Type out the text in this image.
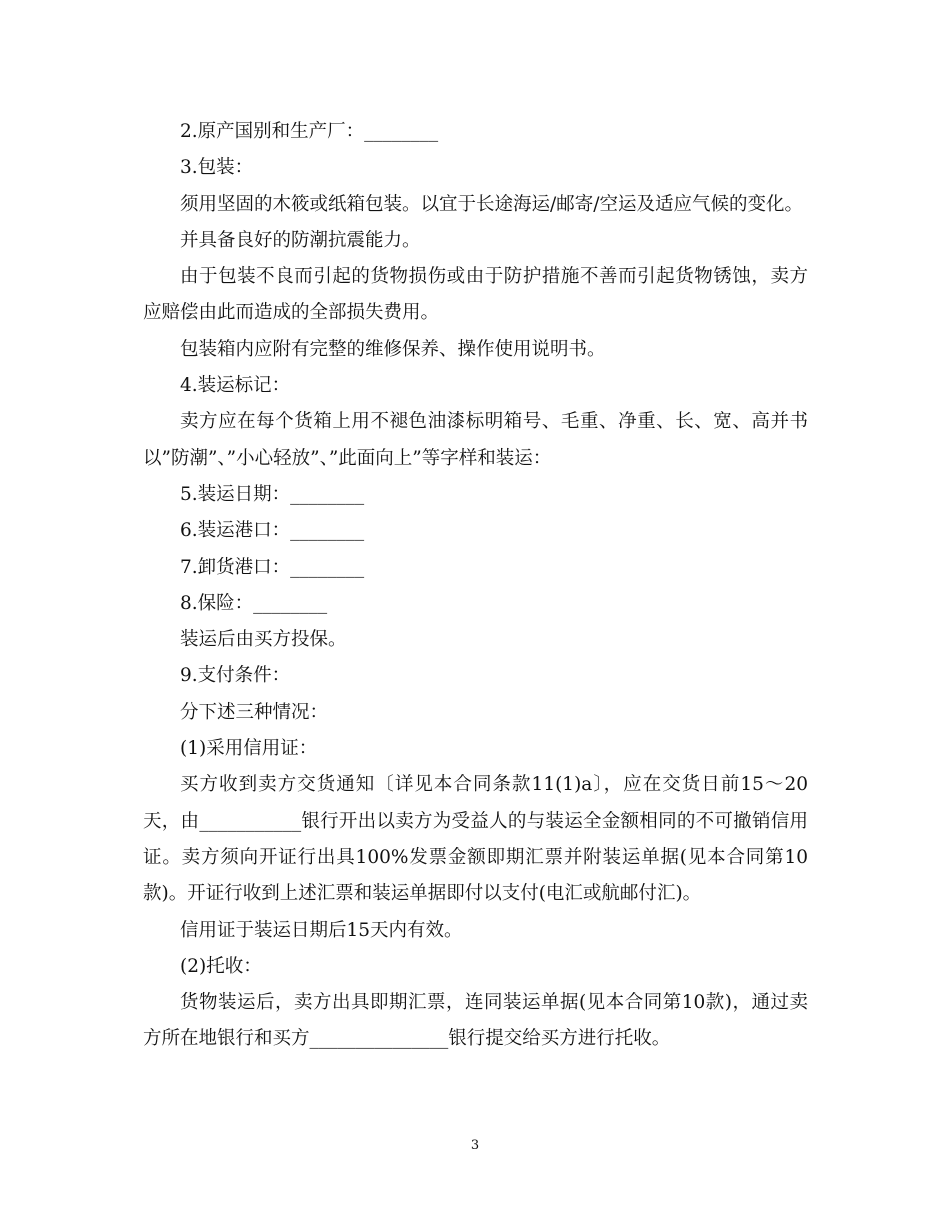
2.原产国别和生产厂：________

3.包装：

须用坚固的木筱或纸箱包装。以宜于长途海运/邮寄/空运及适应气候的变化。

并具备良好的防潮抗震能力。

由于包装不良而引起的货物损伤或由于防护措施不善而引起货物锈蚀，卖方应赔偿由此而造成的全部损失费用。

包装箱内应附有完整的维修保养、操作使用说明书。

4.装运标记：

卖方应在每个货箱上用不褪色油漆标明箱号、毛重、净重、长、宽、高并书以”防潮”、”小心轻放”、”此面向上”等字样和装运：

5.装运日期：________

6.装运港口：________

7.卸货港口：________

8.保险：________

装运后由买方投保。

9.支付条件：

分下述三种情况：

(1)采用信用证：

买方收到卖方交货通知〔详见本合同条款11(1)a〕，应在交货日前15～20天，由___________银行开出以卖方为受益人的与装运全金额相同的不可撤销信用证。卖方须向开证行出具100%发票金额即期汇票并附装运单据(见本合同第10款)。开证行收到上述汇票和装运单据即付以支付(电汇或航邮付汇)。

信用证于装运日期后15天内有效。

(2)托收：

货物装运后，卖方出具即期汇票，连同装运单据(见本合同第10款)，通过卖方所在地银行和买方_______________银行提交给买方进行托收。

3
